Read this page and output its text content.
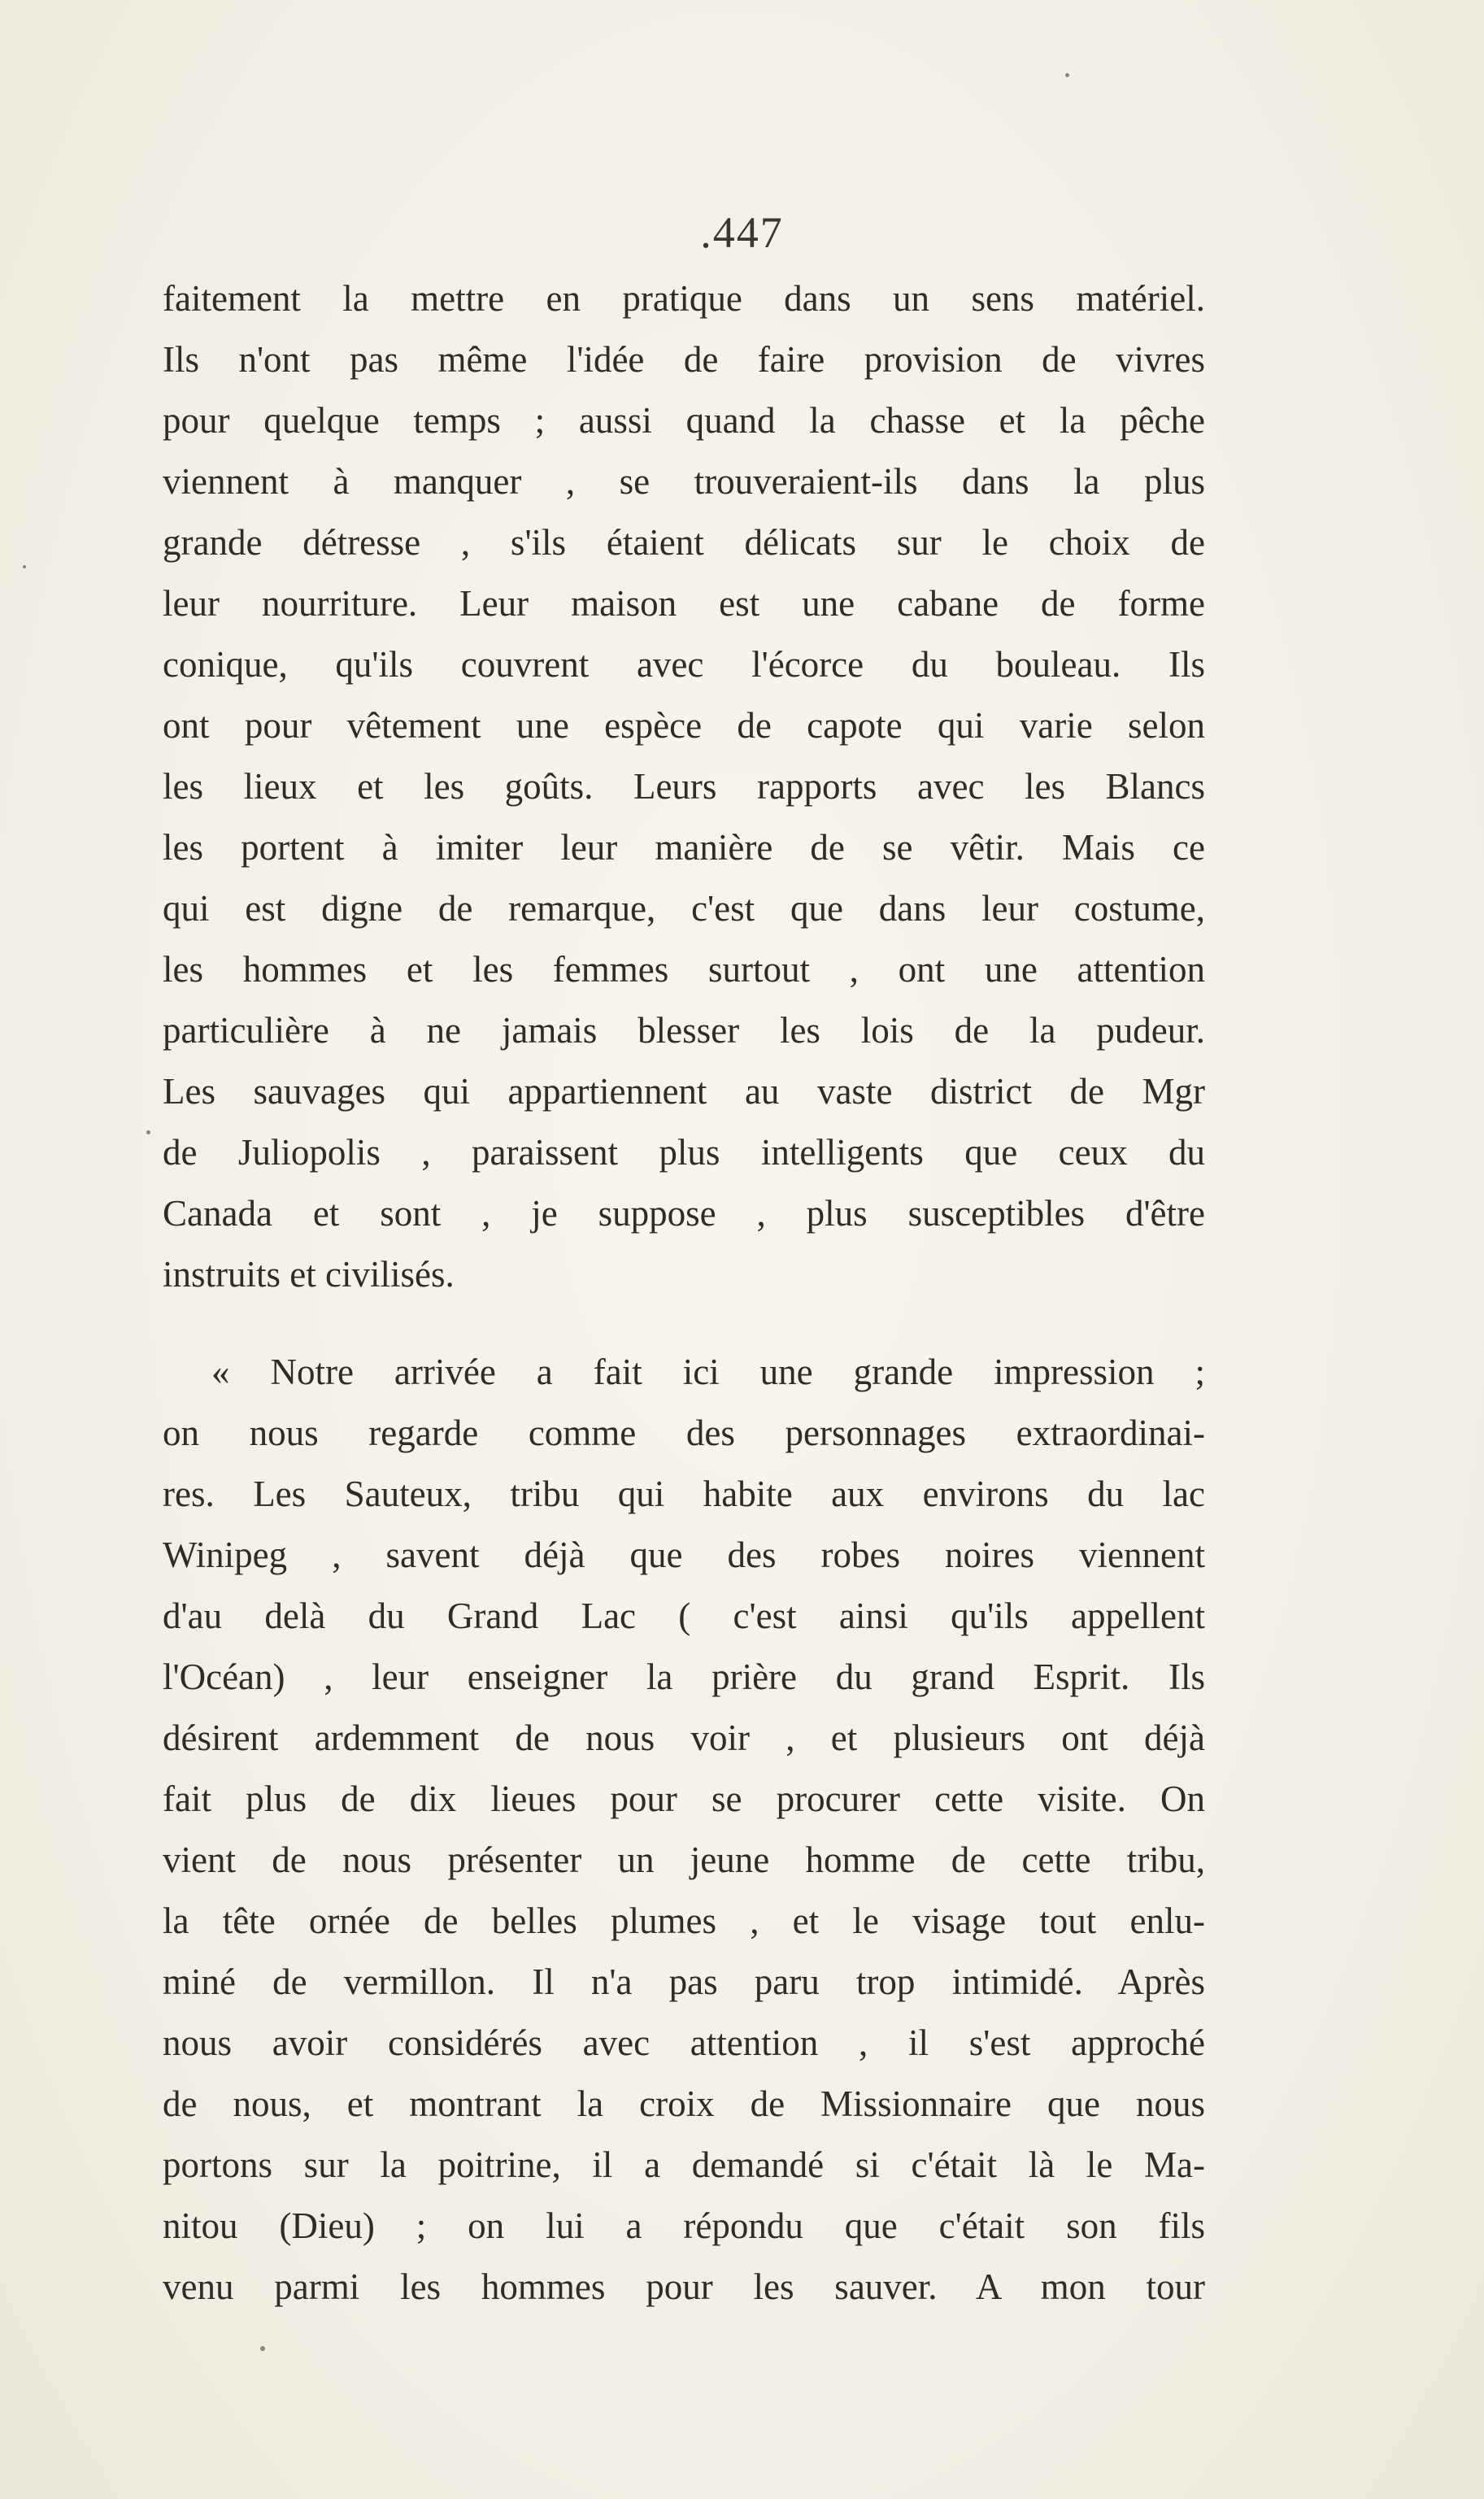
.447
faitement la mettre en pratique dans un sens matériel.
Ils n'ont pas même l'idée de faire provision de vivres
pour quelque temps ; aussi quand la chasse et la pêche
viennent à manquer , se trouveraient-ils dans la plus
grande détresse , s'ils étaient délicats sur le choix de
leur nourriture. Leur maison est une cabane de forme
conique, qu'ils couvrent avec l'écorce du bouleau. Ils
ont pour vêtement une espèce de capote qui varie selon
les lieux et les goûts. Leurs rapports avec les Blancs
les portent à imiter leur manière de se vêtir. Mais ce
qui est digne de remarque, c'est que dans leur costume,
les hommes et les femmes surtout , ont une attention
particulière à ne jamais blesser les lois de la pudeur.
Les sauvages qui appartiennent au vaste district de Mgr
de Juliopolis , paraissent plus intelligents que ceux du
Canada et sont , je suppose , plus susceptibles d'être
instruits et civilisés.
« Notre arrivée a fait ici une grande impression ;
on nous regarde comme des personnages extraordinai-
res. Les Sauteux, tribu qui habite aux environs du lac
Winipeg , savent déjà que des robes noires viennent
d'au delà du Grand Lac ( c'est ainsi qu'ils appellent
l'Océan) , leur enseigner la prière du grand Esprit. Ils
désirent ardemment de nous voir , et plusieurs ont déjà
fait plus de dix lieues pour se procurer cette visite. On
vient de nous présenter un jeune homme de cette tribu,
la tête ornée de belles plumes , et le visage tout enlu-
miné de vermillon. Il n'a pas paru trop intimidé. Après
nous avoir considérés avec attention , il s'est approché
de nous, et montrant la croix de Missionnaire que nous
portons sur la poitrine, il a demandé si c'était là le Ma-
nitou (Dieu) ; on lui a répondu que c'était son fils
venu parmi les hommes pour les sauver. A mon tour
